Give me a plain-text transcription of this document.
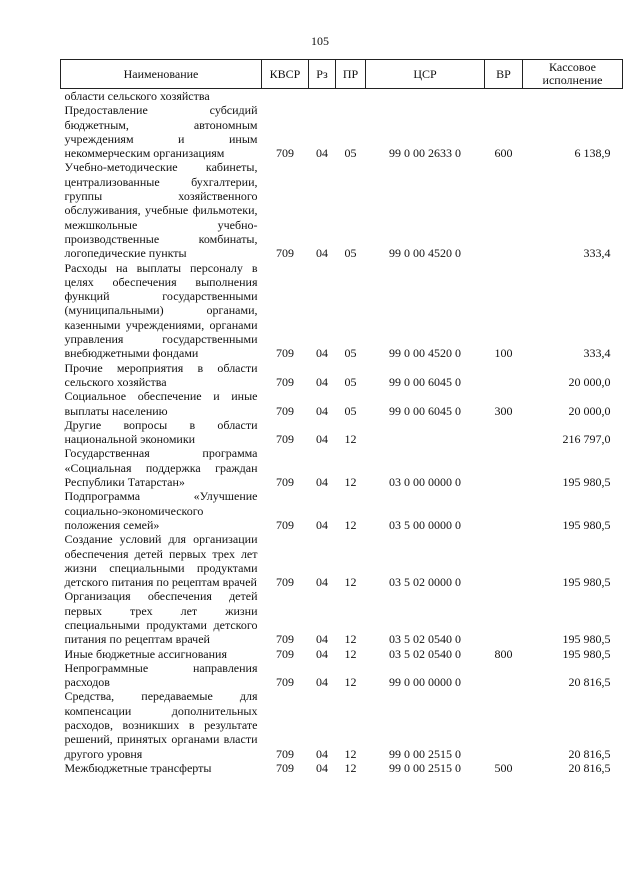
105
Наименование	КВСР	Рз	ПР	ЦСР	ВР	Кассовое исполнение
области сельского хозяйства						
Предоставление субсидий бюджетным, автономным учреждениям и иным некоммерческим организациям	709	04	05	99 0 00 2633 0	600	6 138,9
Учебно-методические кабинеты, централизованные бухгалтерии, группы хозяйственного обслуживания, учебные фильмотеки, межшкольные учебно-производственные комбинаты, логопедические пункты	709	04	05	99 0 00 4520 0		333,4
Расходы на выплаты персоналу в целях обеспечения выполнения функций государственными (муниципальными) органами, казенными учреждениями, органами управления государственными внебюджетными фондами	709	04	05	99 0 00 4520 0	100	333,4
Прочие мероприятия в области сельского хозяйства	709	04	05	99 0 00 6045 0		20 000,0
Социальное обеспечение и иные выплаты населению	709	04	05	99 0 00 6045 0	300	20 000,0
Другие вопросы в области национальной экономики	709	04	12			216 797,0
Государственная программа «Социальная поддержка граждан Республики Татарстан»	709	04	12	03 0 00 0000 0		195 980,5
Подпрограмма «Улучшение социально-экономического положения семей»	709	04	12	03 5 00 0000 0		195 980,5
Создание условий для организации обеспечения детей первых трех лет жизни специальными продуктами детского питания по рецептам врачей	709	04	12	03 5 02 0000 0		195 980,5
Организация обеспечения детей первых трех лет жизни специальными продуктами детского питания по рецептам врачей	709	04	12	03 5 02 0540 0		195 980,5
Иные бюджетные ассигнования	709	04	12	03 5 02 0540 0	800	195 980,5
Непрограммные направления расходов	709	04	12	99 0 00 0000 0		20 816,5
Средства, передаваемые для компенсации дополнительных расходов, возникших в результате решений, принятых органами власти другого уровня	709	04	12	99 0 00 2515 0		20 816,5
Межбюджетные трансферты	709	04	12	99 0 00 2515 0	500	20 816,5
